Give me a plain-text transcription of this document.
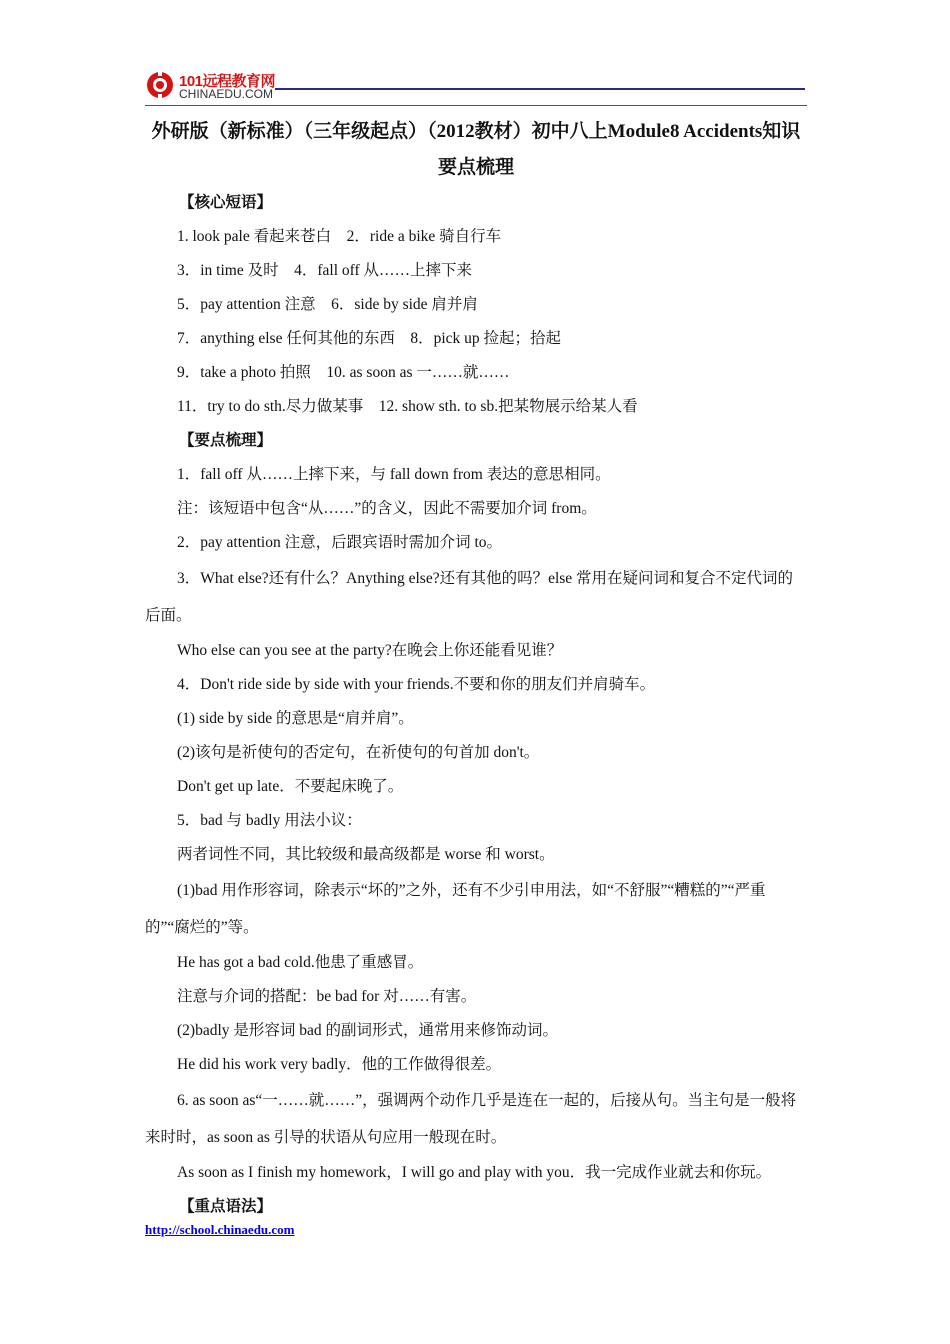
101远程教育网
CHINAEDU.COM
外研版（新标准）（三年级起点）（2012教材）初中八上Module8 Accidents知识要点梳理

【核心短语】

1. look pale 看起来苍白　2．ride a bike 骑自行车

3．in time 及时　4．fall off 从……上摔下来

5．pay attention 注意　6．side by side 肩并肩

7．anything else 任何其他的东西　8．pick up 捡起；拾起

9．take a photo 拍照　10. as soon as 一……就……

11．try to do sth.尽力做某事　12. show sth. to sb.把某物展示给某人看

【要点梳理】

1．fall off 从……上摔下来，与 fall down from 表达的意思相同。

注：该短语中包含“从……”的含义，因此不需要加介词 from。

2．pay attention 注意，后跟宾语时需加介词 to。

3．What else?还有什么？Anything else?还有其他的吗？else 常用在疑问词和复合不定代词的后面。

Who else can you see at the party?在晚会上你还能看见谁？

4．Don't ride side by side with your friends.不要和你的朋友们并肩骑车。

(1) side by side 的意思是“肩并肩”。

(2)该句是祈使句的否定句，在祈使句的句首加 don't。

Don't get up late．不要起床晚了。

5．bad 与 badly 用法小议：

两者词性不同，其比较级和最高级都是 worse 和 worst。

(1)bad 用作形容词，除表示“坏的”之外，还有不少引申用法，如“不舒服”“糟糕的”“严重的”“腐烂的”等。

He has got a bad cold.他患了重感冒。

注意与介词的搭配：be bad for 对……有害。

(2)badly 是形容词 bad 的副词形式，通常用来修饰动词。

He did his work very badly．他的工作做得很差。

6. as soon as“一……就……”，强调两个动作几乎是连在一起的，后接从句。当主句是一般将来时时，as soon as 引导的状语从句应用一般现在时。

As soon as I finish my homework，I will go and play with you．我一完成作业就去和你玩。

【重点语法】

http://school.chinaedu.com
